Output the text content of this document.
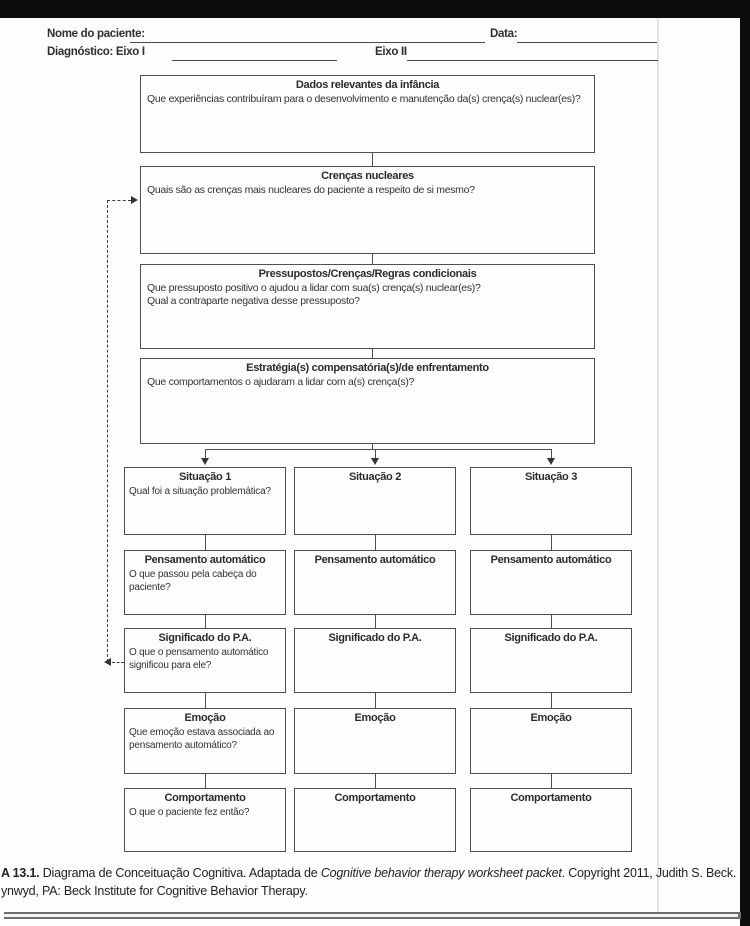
Nome do paciente:	Data:
Diagnóstico: Eixo I	Eixo II
Dados relevantes da infância
Que experiências contribuíram para o desenvolvimento e manutenção da(s) crença(s) nuclear(es)?
Crenças nucleares
Quais são as crenças mais nucleares do paciente a respeito de si mesmo?
Pressupostos/Crenças/Regras condicionais
Que pressuposto positivo o ajudou a lidar com sua(s) crença(s) nuclear(es)?
Qual a contraparte negativa desse pressuposto?
Estratégia(s) compensatória(s)/de enfrentamento
Que comportamentos o ajudaram a lidar com a(s) crença(s)?
Situação 1
Qual foi a situação problemática?
Pensamento automático
O que passou pela cabeça do paciente?
Significado do P.A.
O que o pensamento automático significou para ele?
Emoção
Que emoção estava associada ao pensamento automático?
Comportamento
O que o paciente fez então?
Situação 2
Pensamento automático
Significado do P.A.
Emoção
Comportamento
Situação 3
Pensamento automático
Significado do P.A.
Emoção
Comportamento
A 13.1. Diagrama de Conceituação Cognitiva. Adaptada de Cognitive behavior therapy worksheet packet. Copyright 2011, Judith S. Beck.
ynwyd, PA: Beck Institute for Cognitive Behavior Therapy.
